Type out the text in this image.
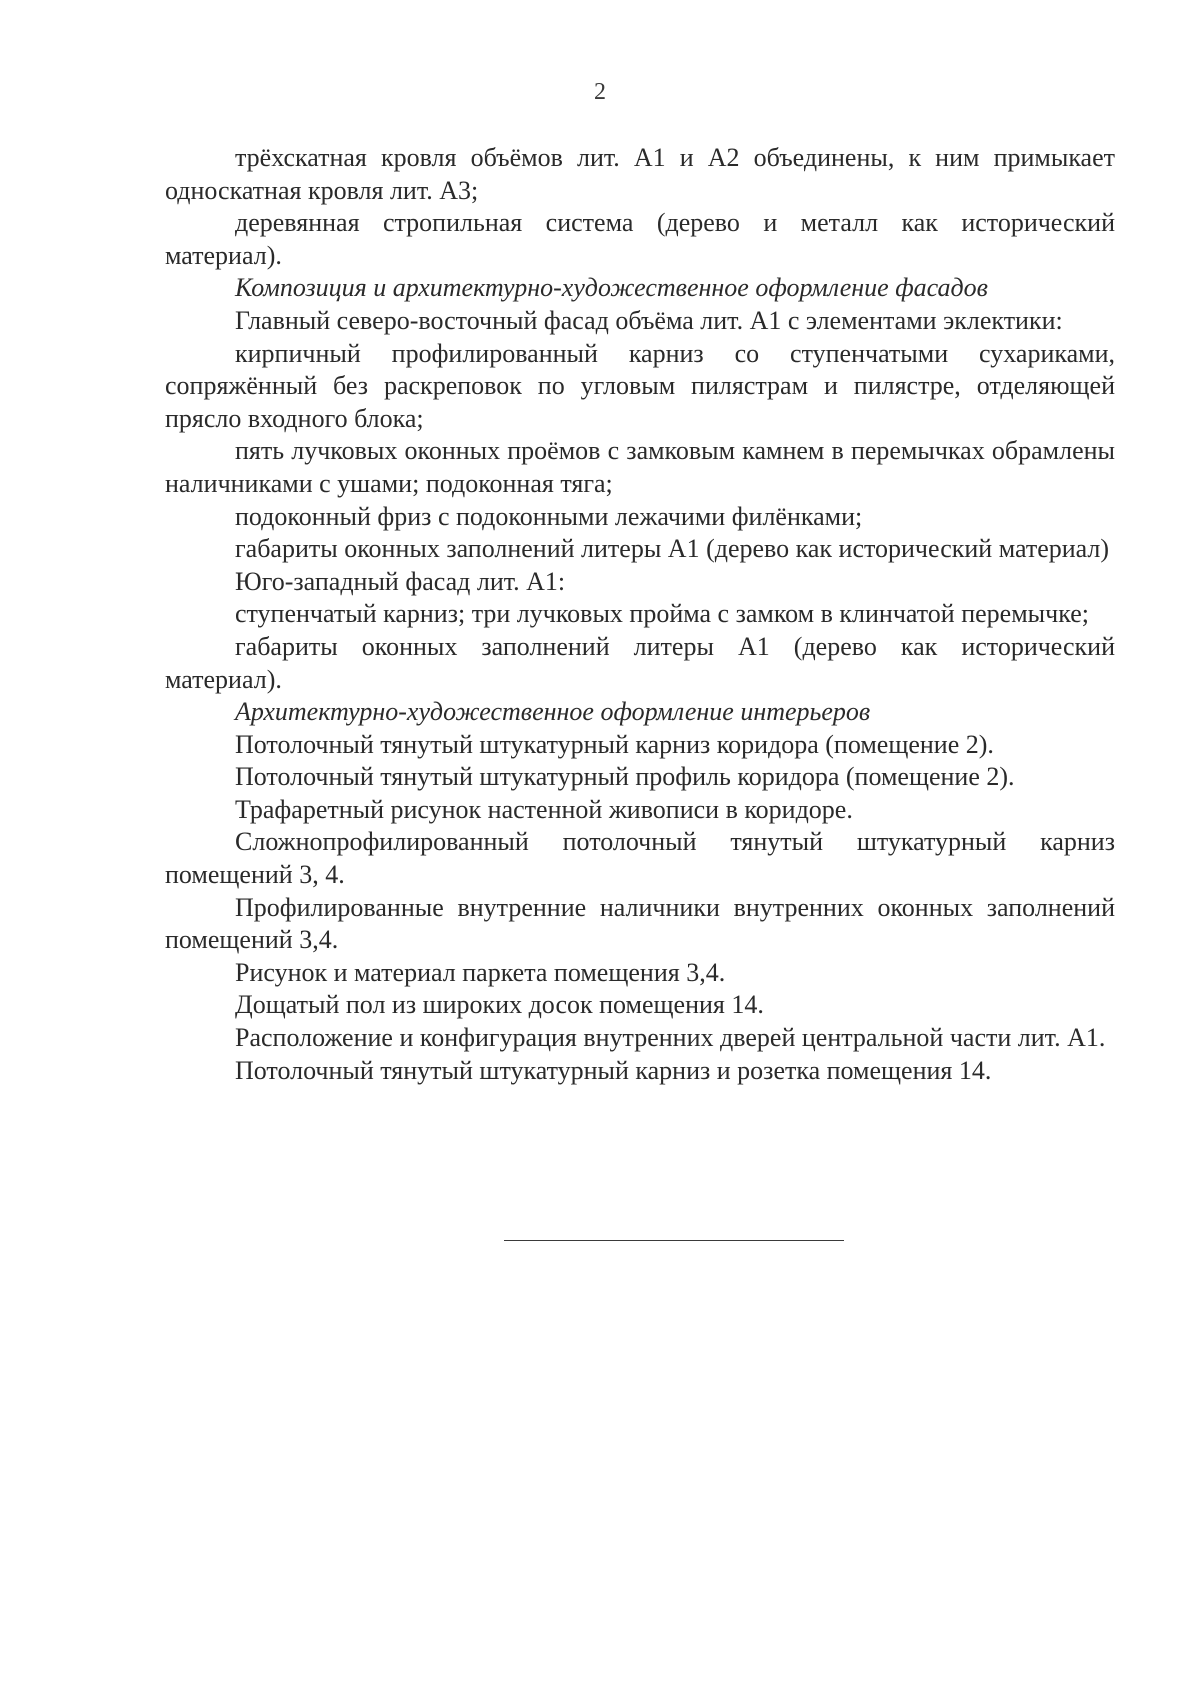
2

трёхскатная кровля объёмов лит. А1 и А2 объединены, к ним примыкает односкатная кровля лит. А3;

деревянная стропильная система (дерево и металл как исторический материал).

Композиция и архитектурно-художественное оформление фасадов

Главный северо-восточный фасад объёма лит. А1 с элементами эклектики:

кирпичный профилированный карниз со ступенчатыми сухариками, сопряжённый без раскреповок по угловым пилястрам и пилястре, отделяющей прясло входного блока;

пять лучковых оконных проёмов с замковым камнем в перемычках обрамлены наличниками с ушами; подоконная тяга;

подоконный фриз с подоконными лежачими филёнками;

габариты оконных заполнений литеры А1 (дерево как исторический материал)

Юго-западный фасад лит. А1:

ступенчатый карниз; три лучковых пройма с замком в клинчатой перемычке;

габариты оконных заполнений литеры А1 (дерево как исторический материал).

Архитектурно-художественное оформление интерьеров

Потолочный тянутый штукатурный карниз коридора (помещение 2).

Потолочный тянутый штукатурный профиль коридора (помещение 2).

Трафаретный рисунок настенной живописи в коридоре.

Сложнопрофилированный потолочный тянутый штукатурный карниз помещений 3, 4.

Профилированные внутренние наличники внутренних оконных заполнений помещений 3,4.

Рисунок и материал паркета помещения 3,4.

Дощатый пол из широких досок помещения 14.

Расположение и конфигурация внутренних дверей центральной части лит. А1.

Потолочный тянутый штукатурный карниз и розетка помещения 14.
